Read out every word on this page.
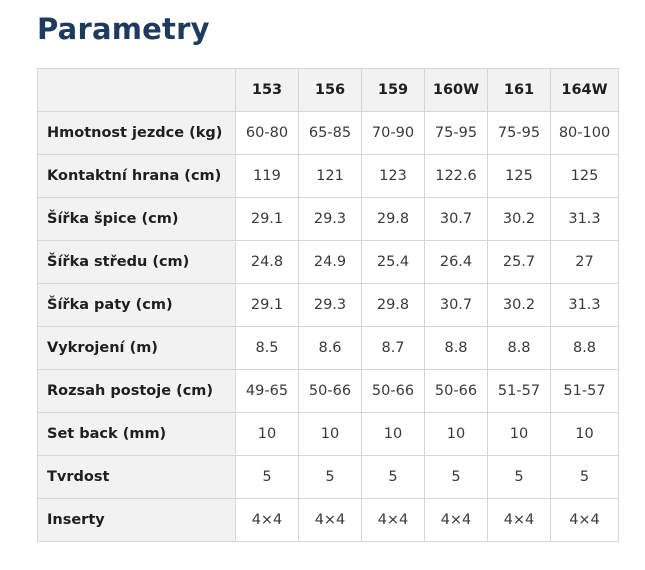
Parametry
	153	156	159	160W	161	164W
Hmotnost jezdce (kg)	60-80	65-85	70-90	75-95	75-95	80-100
Kontaktní hrana (cm)	119	121	123	122.6	125	125
Šířka špice (cm)	29.1	29.3	29.8	30.7	30.2	31.3
Šířka středu (cm)	24.8	24.9	25.4	26.4	25.7	27
Šířka paty (cm)	29.1	29.3	29.8	30.7	30.2	31.3
Vykrojení (m)	8.5	8.6	8.7	8.8	8.8	8.8
Rozsah postoje (cm)	49-65	50-66	50-66	50-66	51-57	51-57
Set back (mm)	10	10	10	10	10	10
Tvrdost	5	5	5	5	5	5
Inserty	4×4	4×4	4×4	4×4	4×4	4×4
